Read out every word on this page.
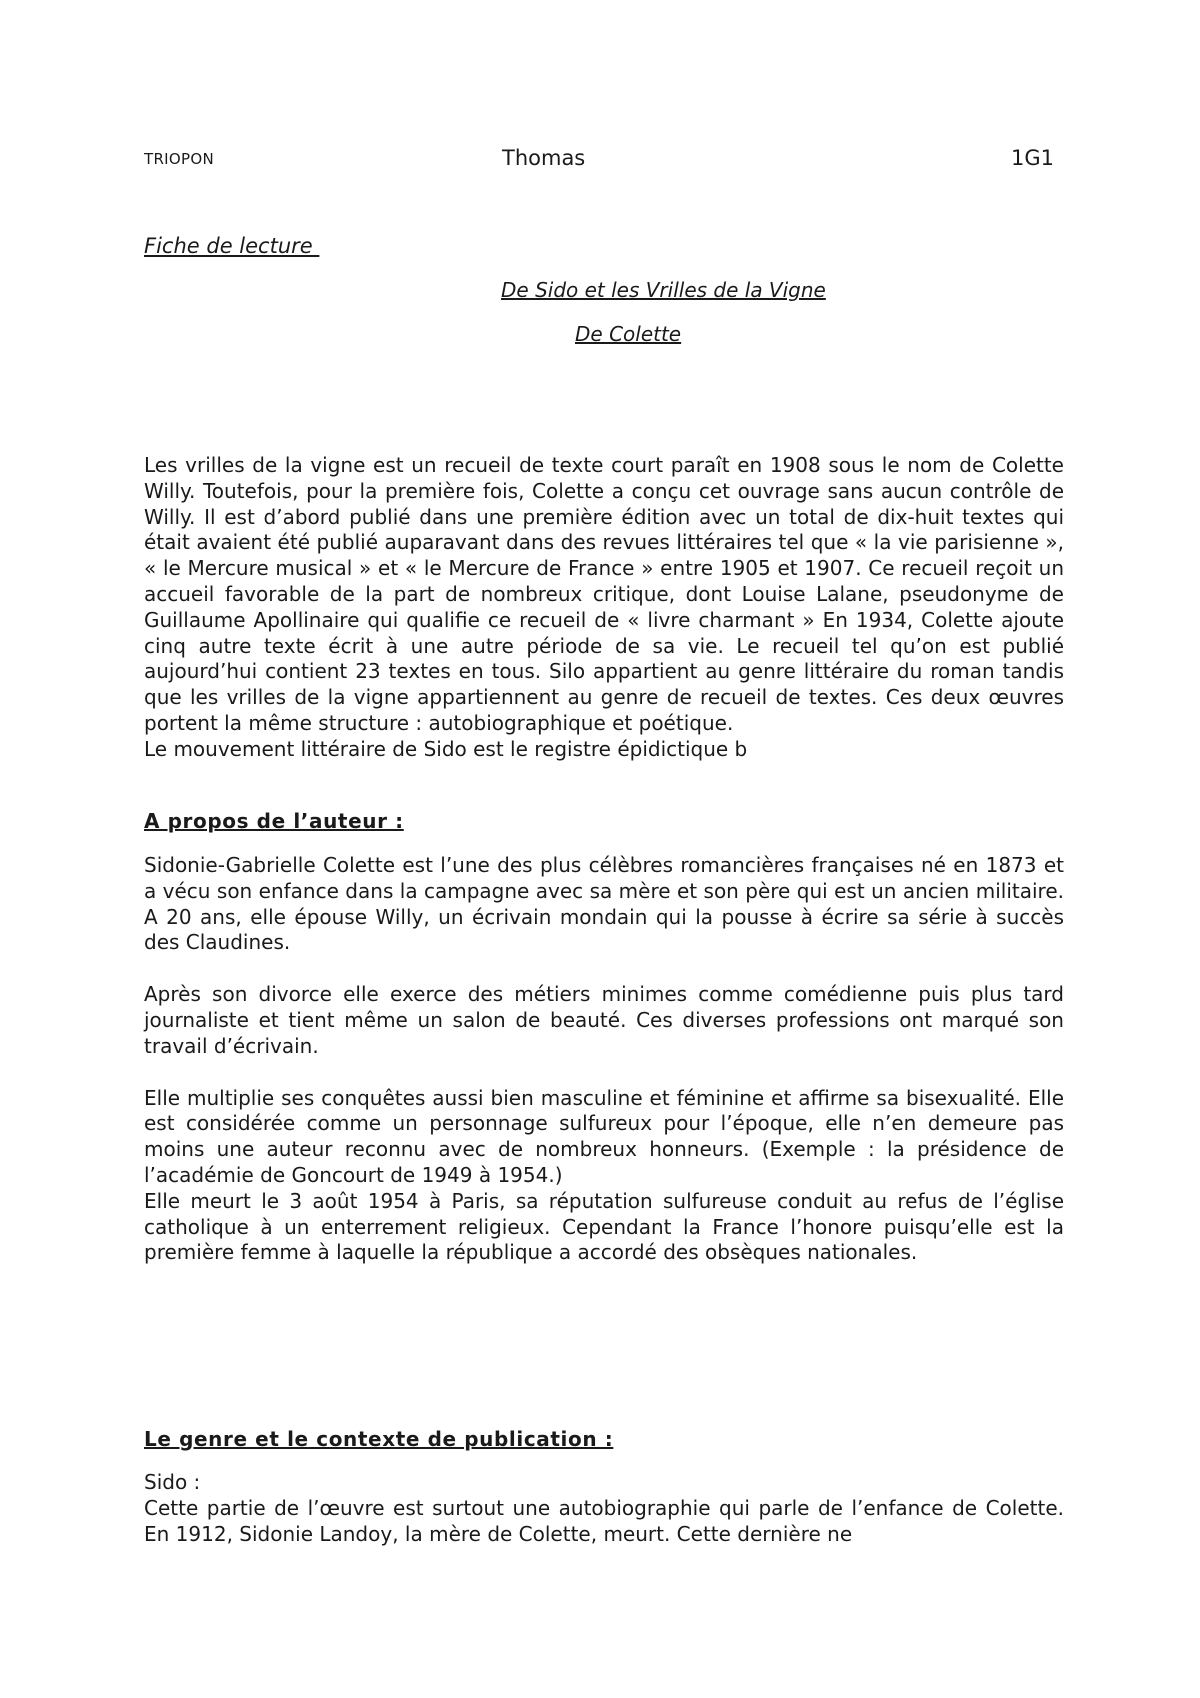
TRIOPON	Thomas	1G1
Fiche de lecture
De Sido et les Vrilles de la Vigne
De Colette

Les vrilles de la vigne est un recueil de texte court paraît en 1908 sous le nom de Colette Willy. Toutefois, pour la première fois, Colette a conçu cet ouvrage sans aucun contrôle de Willy. Il est d’abord publié dans une première édition avec un total de dix-huit textes qui était avaient été publié auparavant dans des revues littéraires tel que « la vie parisienne », « le Mercure musical » et « le Mercure de France » entre 1905 et 1907. Ce recueil reçoit un accueil favorable de la part de nombreux critique, dont Louise Lalane, pseudonyme de Guillaume Apollinaire qui qualifie ce recueil de « livre charmant » En 1934, Colette ajoute cinq autre texte écrit à une autre période de sa vie. Le recueil tel qu’on est publié aujourd’hui contient 23 textes en tous. Silo appartient au genre littéraire du roman tandis que les vrilles de la vigne appartiennent au genre de recueil de textes. Ces deux œuvres portent la même structure : autobiographique et poétique.

Le mouvement littéraire de Sido est le registre épidictique b

A propos de l’auteur :

Sidonie-Gabrielle Colette est l’une des plus célèbres romancières françaises né en 1873 et a vécu son enfance dans la campagne avec sa mère et son père qui est un ancien militaire. A 20 ans, elle épouse Willy, un écrivain mondain qui la pousse à écrire sa série à succès des Claudines.

Après son divorce elle exerce des métiers minimes comme comédienne puis plus tard journaliste et tient même un salon de beauté. Ces diverses professions ont marqué son travail d’écrivain.

Elle multiplie ses conquêtes aussi bien masculine et féminine et affirme sa bisexualité. Elle est considérée comme un personnage sulfureux pour l’époque, elle n’en demeure pas moins une auteur reconnu avec de nombreux honneurs. (Exemple : la présidence de l’académie de Goncourt de 1949 à 1954.)

Elle meurt le 3 août 1954 à Paris, sa réputation sulfureuse conduit au refus de l’église catholique à un enterrement religieux. Cependant la France l’honore puisqu’elle est la première femme à laquelle la république a accordé des obsèques nationales.

Le genre et le contexte de publication :

Sido :

Cette partie de l’œuvre est surtout une autobiographie qui parle de l’enfance de Colette. En 1912, Sidonie Landoy, la mère de Colette, meurt. Cette dernière ne
